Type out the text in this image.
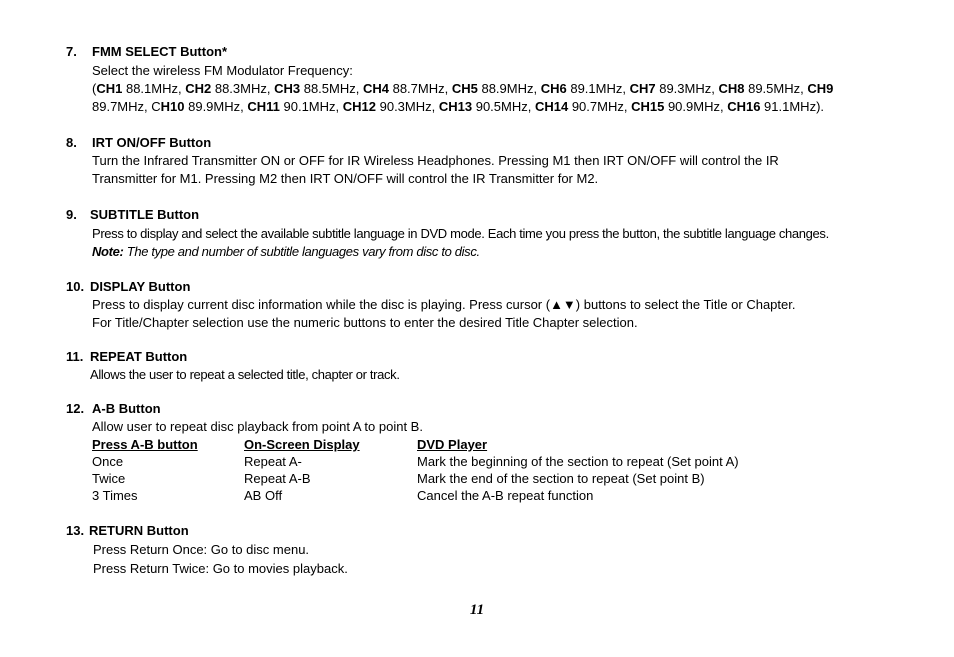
7. FMM SELECT Button*
Select the wireless FM Modulator Frequency:
(CH1 88.1MHz, CH2 88.3MHz, CH3 88.5MHz, CH4 88.7MHz, CH5 88.9MHz, CH6 89.1MHz, CH7 89.3MHz, CH8 89.5MHz, CH9
89.7MHz, CH10 89.9MHz, CH11 90.1MHz, CH12 90.3MHz, CH13 90.5MHz, CH14 90.7MHz, CH15 90.9MHz, CH16 91.1MHz).
8. IRT ON/OFF Button
Turn the Infrared Transmitter ON or OFF for IR Wireless Headphones. Pressing M1 then IRT ON/OFF will control the IR
Transmitter for M1. Pressing M2 then IRT ON/OFF will control the IR Transmitter for M2.
9. SUBTITLE Button
Press to display and select the available subtitle language in DVD mode. Each time you press the button, the subtitle language changes.
Note: The type and number of subtitle languages vary from disc to disc.
10. DISPLAY Button
Press to display current disc information while the disc is playing. Press cursor (▲▼) buttons to select the Title or Chapter.
For Title/Chapter selection use the numeric buttons to enter the desired Title Chapter selection.
11. REPEAT Button
Allows the user to repeat a selected title, chapter or track.
12. A-B Button
Allow user to repeat disc playback from point A to point B.
Press A-B button	On-Screen Display	DVD Player
Once	Repeat A-	Mark the beginning of the section to repeat (Set point A)
Twice	Repeat A-B	Mark the end of the section to repeat (Set point B)
3 Times	AB Off	Cancel the A-B repeat function
13. RETURN Button
Press Return Once: Go to disc menu.
Press Return Twice: Go to movies playback.
11
